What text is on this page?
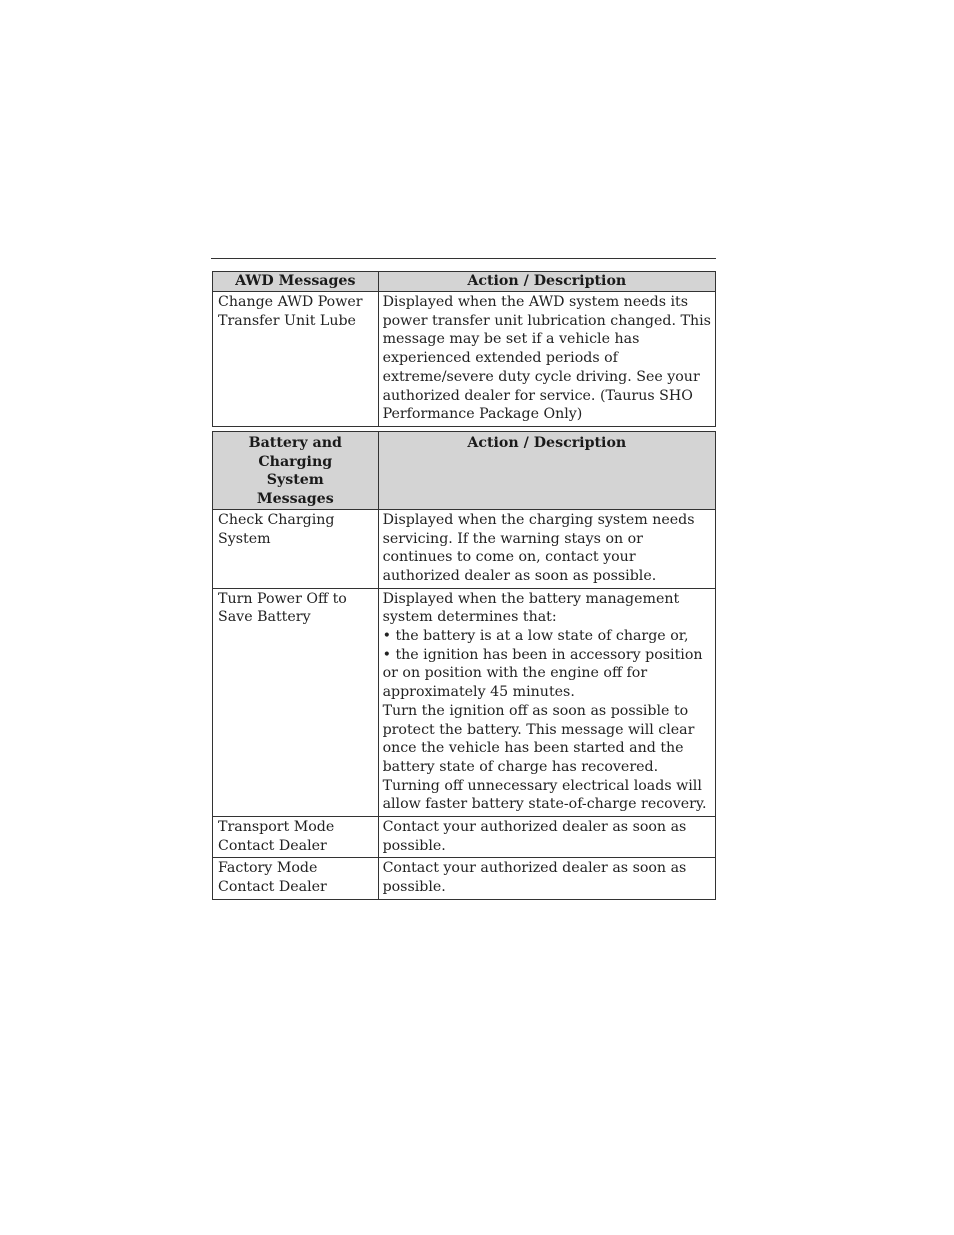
AWD Messages	Action / Description
Change AWD Power Transfer Unit Lube	Displayed when the AWD system needs its power transfer unit lubrication changed. This message may be set if a vehicle has experienced extended periods of extreme/severe duty cycle driving. See your authorized dealer for service. (Taurus SHO Performance Package Only)
Battery and Charging System Messages	Action / Description
Check Charging System	Displayed when the charging system needs servicing. If the warning stays on or continues to come on, contact your authorized dealer as soon as possible.
Turn Power Off to Save Battery	Displayed when the battery management system determines that:
• the battery is at a low state of charge or,
• the ignition has been in accessory position or on position with the engine off for approximately 45 minutes.
Turn the ignition off as soon as possible to protect the battery. This message will clear once the vehicle has been started and the battery state of charge has recovered. Turning off unnecessary electrical loads will allow faster battery state-of-charge recovery.

Transport Mode Contact Dealer	Contact your authorized dealer as soon as possible.
Factory Mode Contact Dealer	Contact your authorized dealer as soon as possible.
